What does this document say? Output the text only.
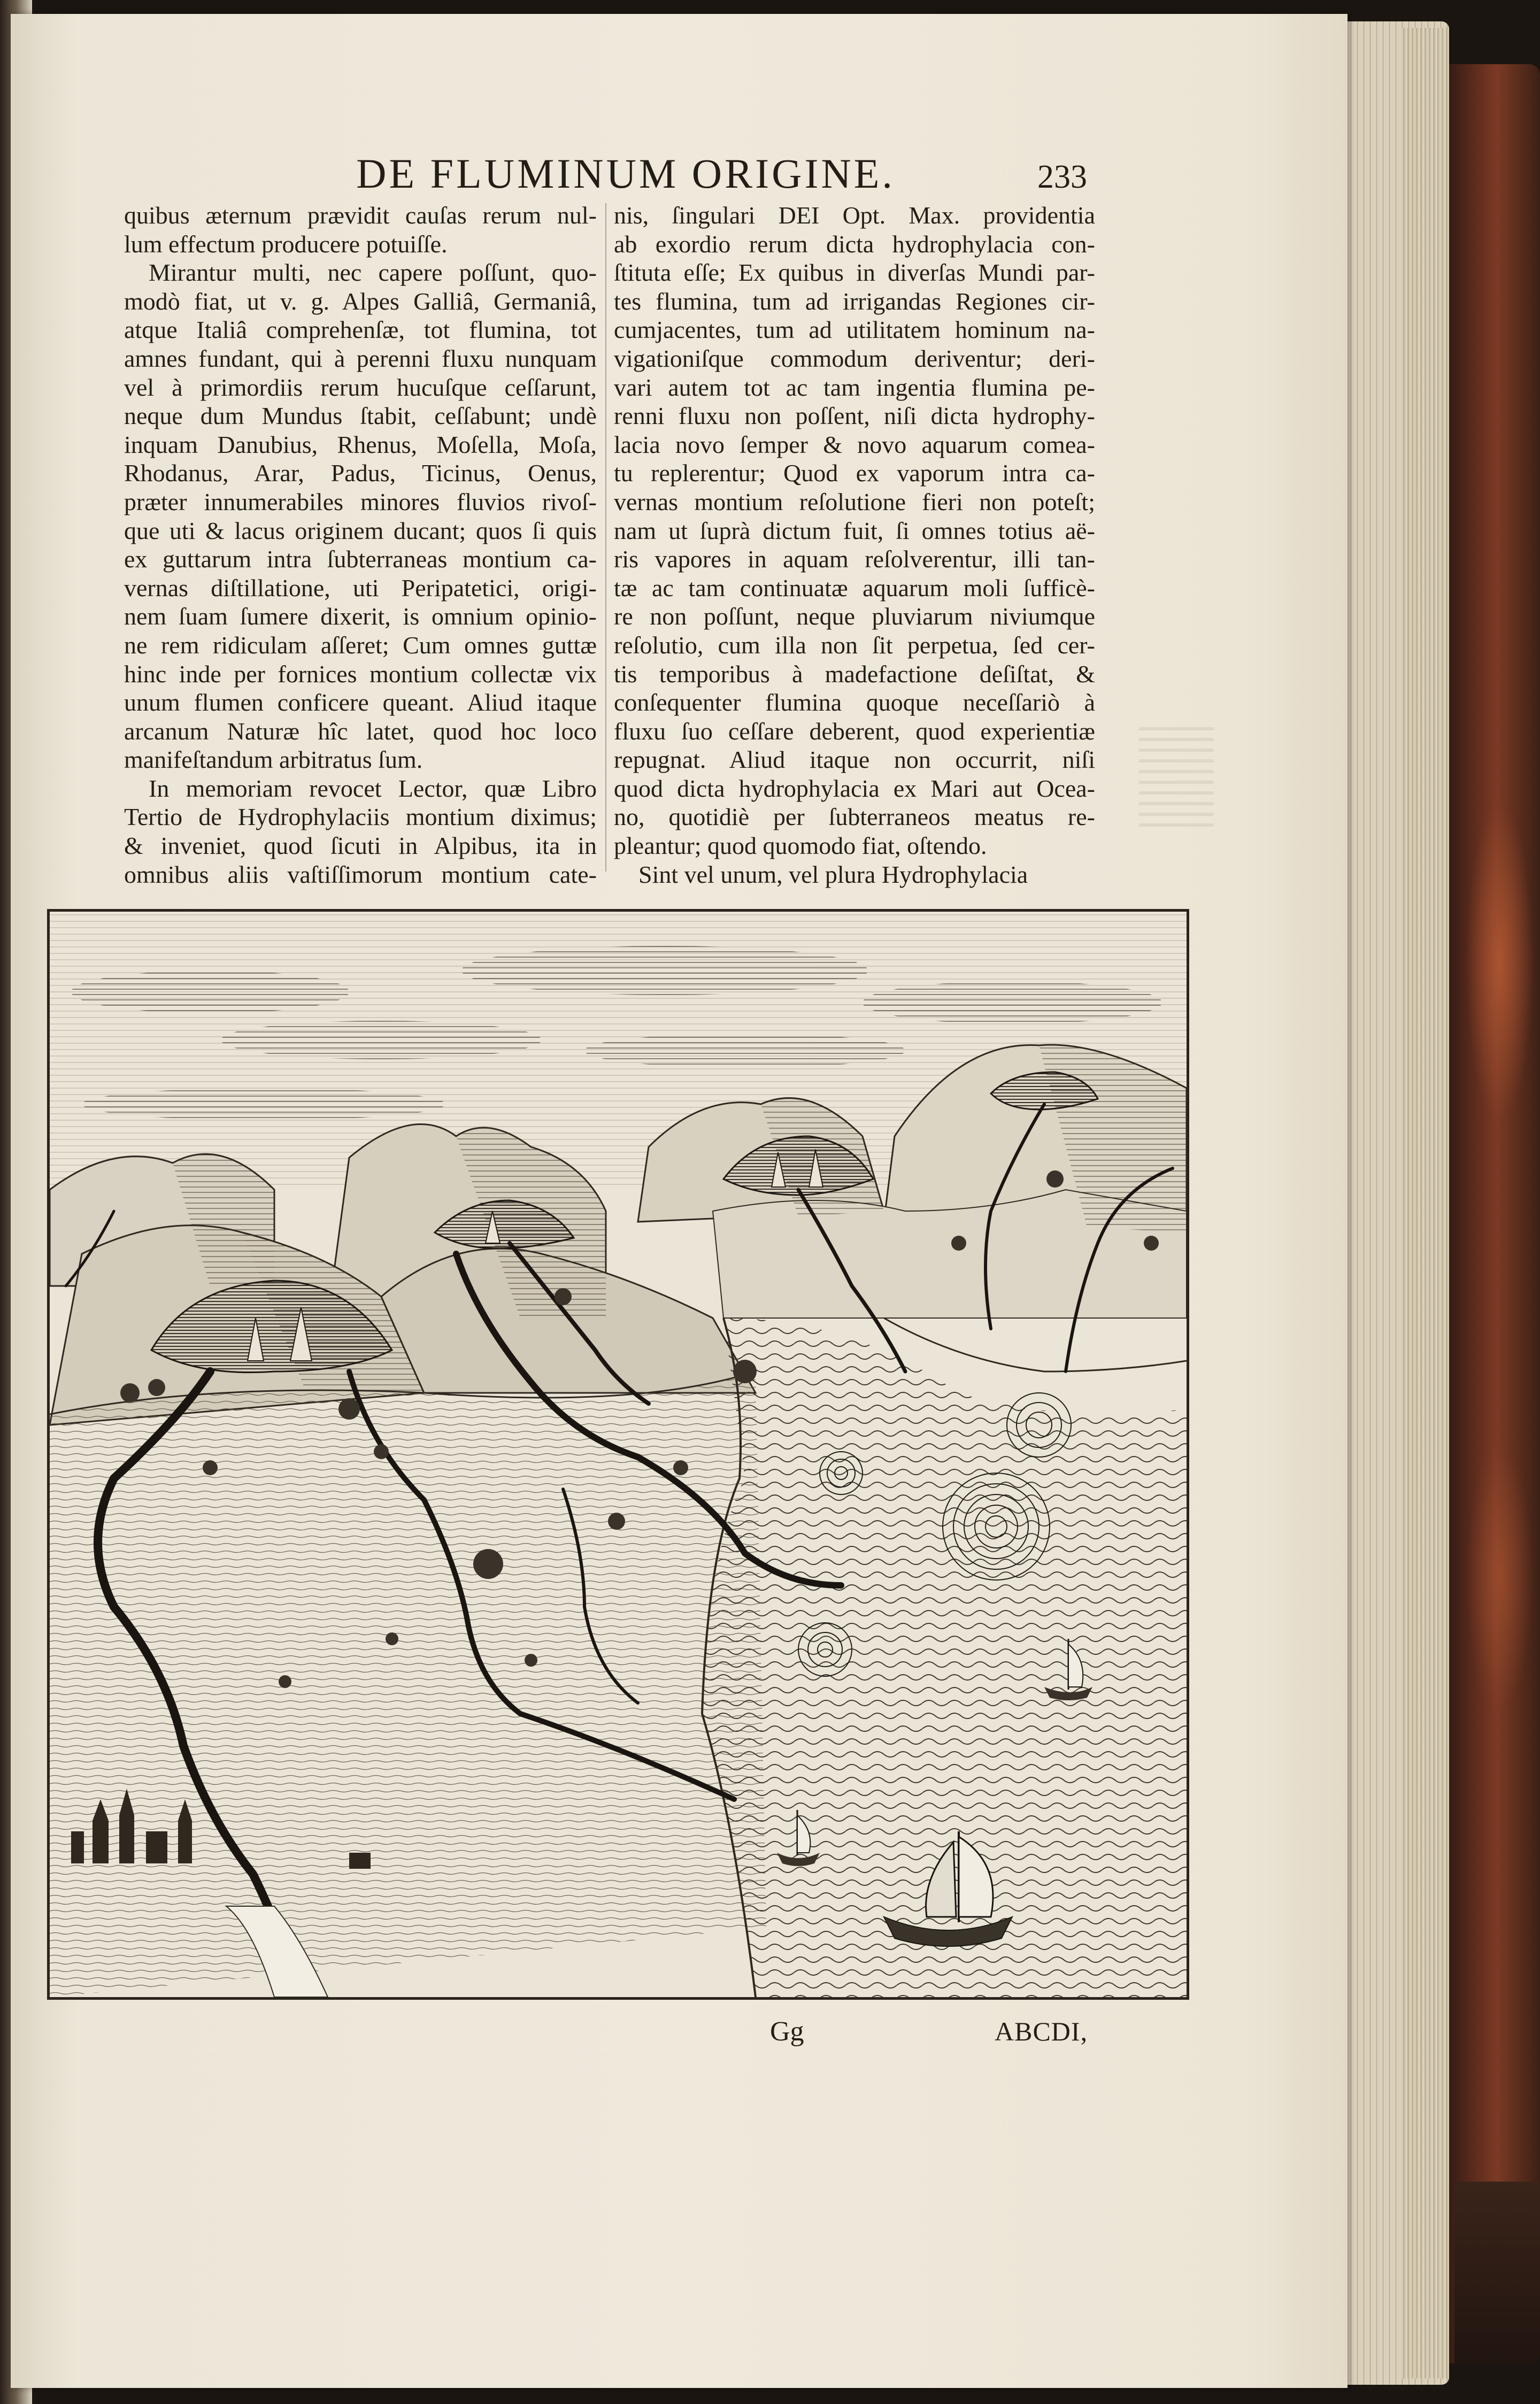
DE FLUMINUM ORIGINE.	233
quibus æternum prævidit cauſas rerum nul-
lum effectum producere potuiſſe.
Mirantur multi, nec capere poſſunt, quo-
modò fiat, ut v. g. Alpes Galliâ, Germaniâ,
atque Italiâ comprehenſæ, tot flumina, tot
amnes fundant, qui à perenni fluxu nunquam
vel à primordiis rerum hucuſque ceſſarunt,
neque dum Mundus ſtabit, ceſſabunt; undè
inquam Danubius, Rhenus, Moſella, Moſa,
Rhodanus, Arar, Padus, Ticinus, Oenus,
præter innumerabiles minores fluvios rivoſ-
que uti & lacus originem ducant; quos ſi quis
ex guttarum intra ſubterraneas montium ca-
vernas diſtillatione, uti Peripatetici, origi-
nem ſuam ſumere dixerit, is omnium opinio-
ne rem ridiculam aſſeret; Cum omnes guttæ
hinc inde per fornices montium collectæ vix
unum flumen conficere queant. Aliud itaque
arcanum Naturæ hîc latet, quod hoc loco
manifeſtandum arbitratus ſum.
In memoriam revocet Lector, quæ Libro
Tertio de Hydrophylaciis montium diximus;
& inveniet, quod ſicuti in Alpibus, ita in
omnibus aliis vaſtiſſimorum montium cate-
nis, ſingulari DEI Opt. Max. providentia
ab exordio rerum dicta hydrophylacia con-
ſtituta eſſe; Ex quibus in diverſas Mundi par-
tes flumina, tum ad irrigandas Regiones cir-
cumjacentes, tum ad utilitatem hominum na-
vigationiſque commodum deriventur; deri-
vari autem tot ac tam ingentia flumina pe-
renni fluxu non poſſent, niſi dicta hydrophy-
lacia novo ſemper & novo aquarum comea-
tu replerentur; Quod ex vaporum intra ca-
vernas montium reſolutione fieri non poteſt;
nam ut ſuprà dictum fuit, ſi omnes totius aë-
ris vapores in aquam reſolverentur, illi tan-
tæ ac tam continuatæ aquarum moli ſufficè-
re non poſſunt, neque pluviarum niviumque
reſolutio, cum illa non ſit perpetua, ſed cer-
tis temporibus à madefactione deſiſtat, &
conſequenter flumina quoque neceſſariò à
fluxu ſuo ceſſare deberent, quod experientiæ
repugnat. Aliud itaque non occurrit, niſi
quod dicta hydrophylacia ex Mari aut Ocea-
no, quotidiè per ſubterraneos meatus re-
pleantur; quod quomodo fiat, oſtendo.
Sint vel unum, vel plura Hydrophylacia
Gg	ABCDI,
